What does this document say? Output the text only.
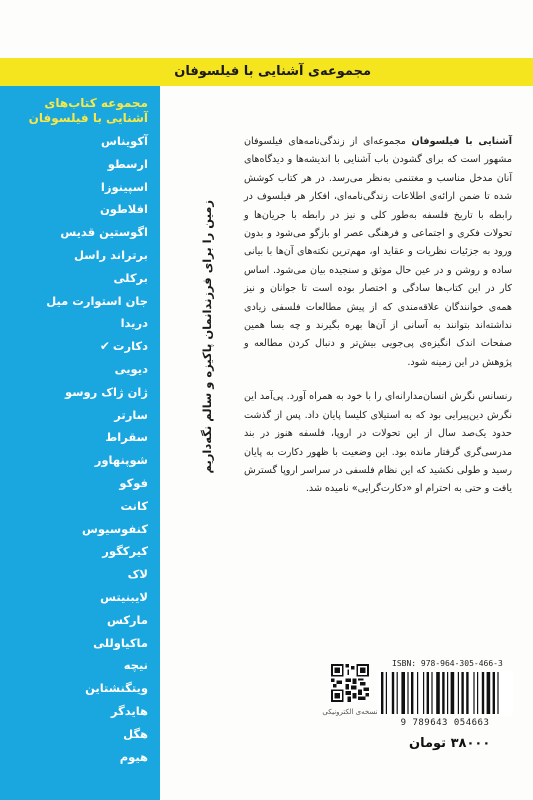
مجموعه‌ی آشنایی با فیلسوفان
مجموعه کتاب‌های
آشنایی با فیلسوفان
آکویناس
ارسطو
اسپینوزا
افلاطون
اگوستین قدیس
برتراند راسل
برکلی
جان استوارت میل
دریدا
دکارت✔
دیویی
ژان ژاک روسو
سارتر
سقراط
شوپنهاور
فوکو
کانت
کنفوسیوس
کیرکگور
لاک
لایبنیتس
مارکس
ماکیاوللی
نیچه
ویتگنشتاین
هایدگر
هگل
هیوم
زمین را برای فرزندانمان پاکیزه و سالم نگه‌داریم

آشنایی با فیلسوفان مجموعه‌ای از زندگی‌نامه‌های فیلسوفان مشهور است که برای گشودن باب آشنایی با اندیشه‌ها و دیدگاه‌های آنان مدخل مناسب و مغتنمی به‌نظر می‌رسد. در هر کتاب کوشش شده تا ضمن ارائه‌ی اطلاعات زندگی‌نامه‌ای، افکار هر فیلسوف در رابطه با تاریخ فلسفه به‌طور کلی و نیز در رابطه با جریان‌ها و تحولات فکری و اجتماعی و فرهنگی عصر او بازگو می‌شود و بدون ورود به جزئیات نظریات و عقاید او، مهم‌ترین نکته‌های آن‌ها با بیانی ساده و روشن و در عین حال موثق و سنجیده بیان می‌شود. اساس کار در این کتاب‌ها سادگی و اختصار بوده است تا جوانان و نیز همه‌ی خوانندگان علاقه‌مندی که از پیش مطالعات فلسفی زیادی نداشته‌اند بتوانند به آسانی از آن‌ها بهره بگیرند و چه بسا همین صفحات اندک انگیزه‌ی پی‌جویی بیش‌تر و دنبال کردن مطالعه و پژوهش در این زمینه شود.

رنسانس نگرش انسان‌مدارانه‌ای را با خود به همراه آورد. پی‌آمد این نگرش دین‌پیرایی بود که به استیلای کلیسا پایان داد. پس از گذشت حدود یک‌صد سال از این تحولات در اروپا، فلسفه هنوز در بند مدرسی‌گری گرفتار مانده بود. این وضعیت با ظهور دکارت به پایان رسید و طولی نکشید که این نظام فلسفی در سراسر اروپا گسترش یافت و حتی به احترام او «دکارت‌گرایی» نامیده شد.

نسخه‌ی الکترونیکی
ISBN: 978-964-305-466-3
9 789643 054663
۳۸۰۰۰ تومان
